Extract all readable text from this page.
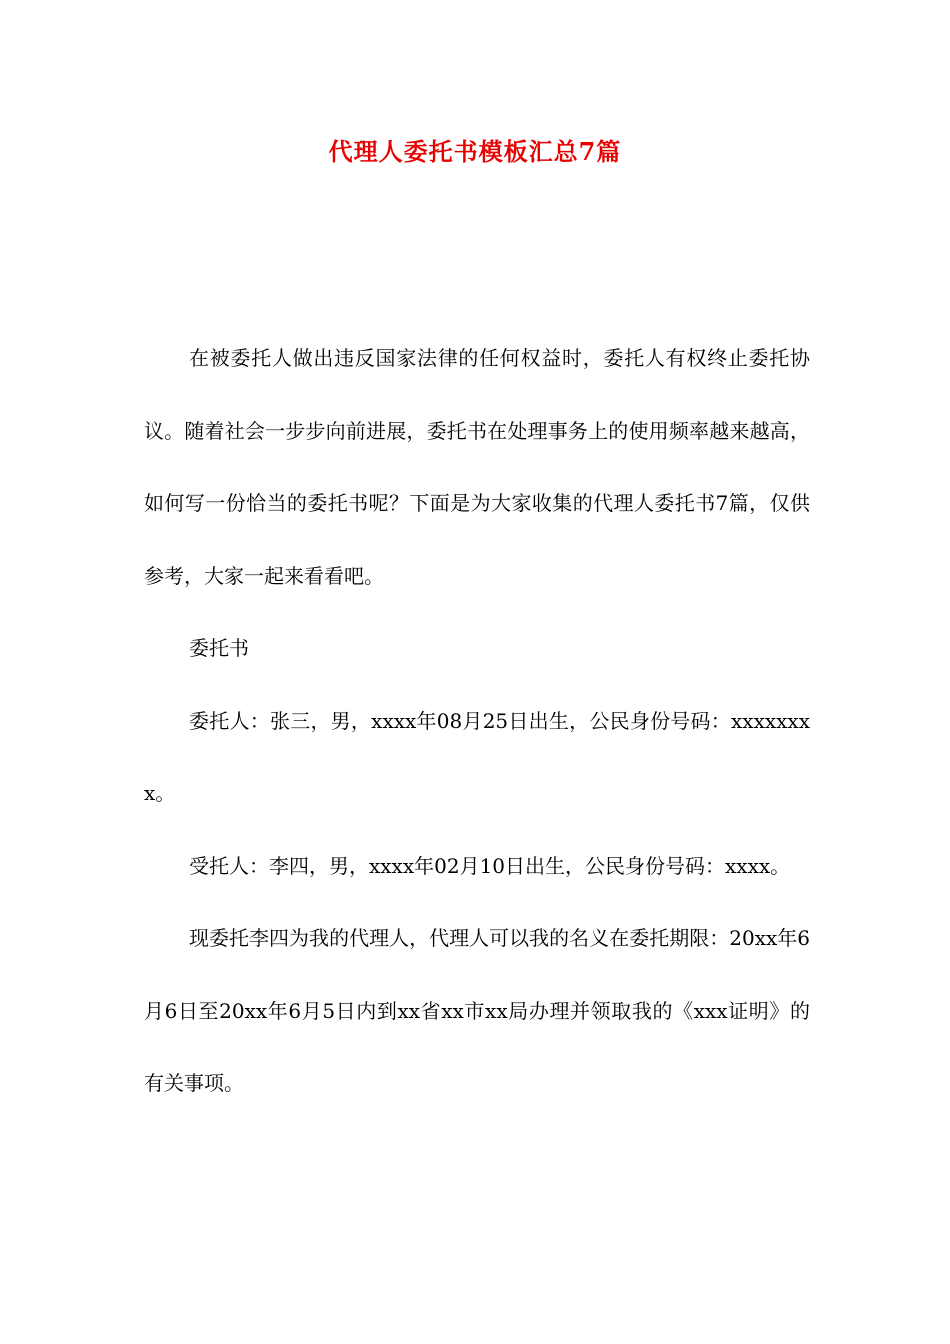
代理人委托书模板汇总7篇

在被委托人做出违反国家法律的任何权益时，委托人有权终止委托协议。随着社会一步步向前进展，委托书在处理事务上的使用频率越来越高，如何写一份恰当的委托书呢？下面是为大家收集的代理人委托书7篇，仅供参考，大家一起来看看吧。

委托书

委托人：张三，男，xxxx年08月25日出生，公民身份号码：xxxxxxxx。

受托人：李四，男，xxxx年02月10日出生，公民身份号码：xxxx。

现委托李四为我的代理人，代理人可以我的名义在委托期限：20xx年6月6日至20xx年6月5日内到xx省xx市xx局办理并领取我的《xxx证明》的有关事项。
